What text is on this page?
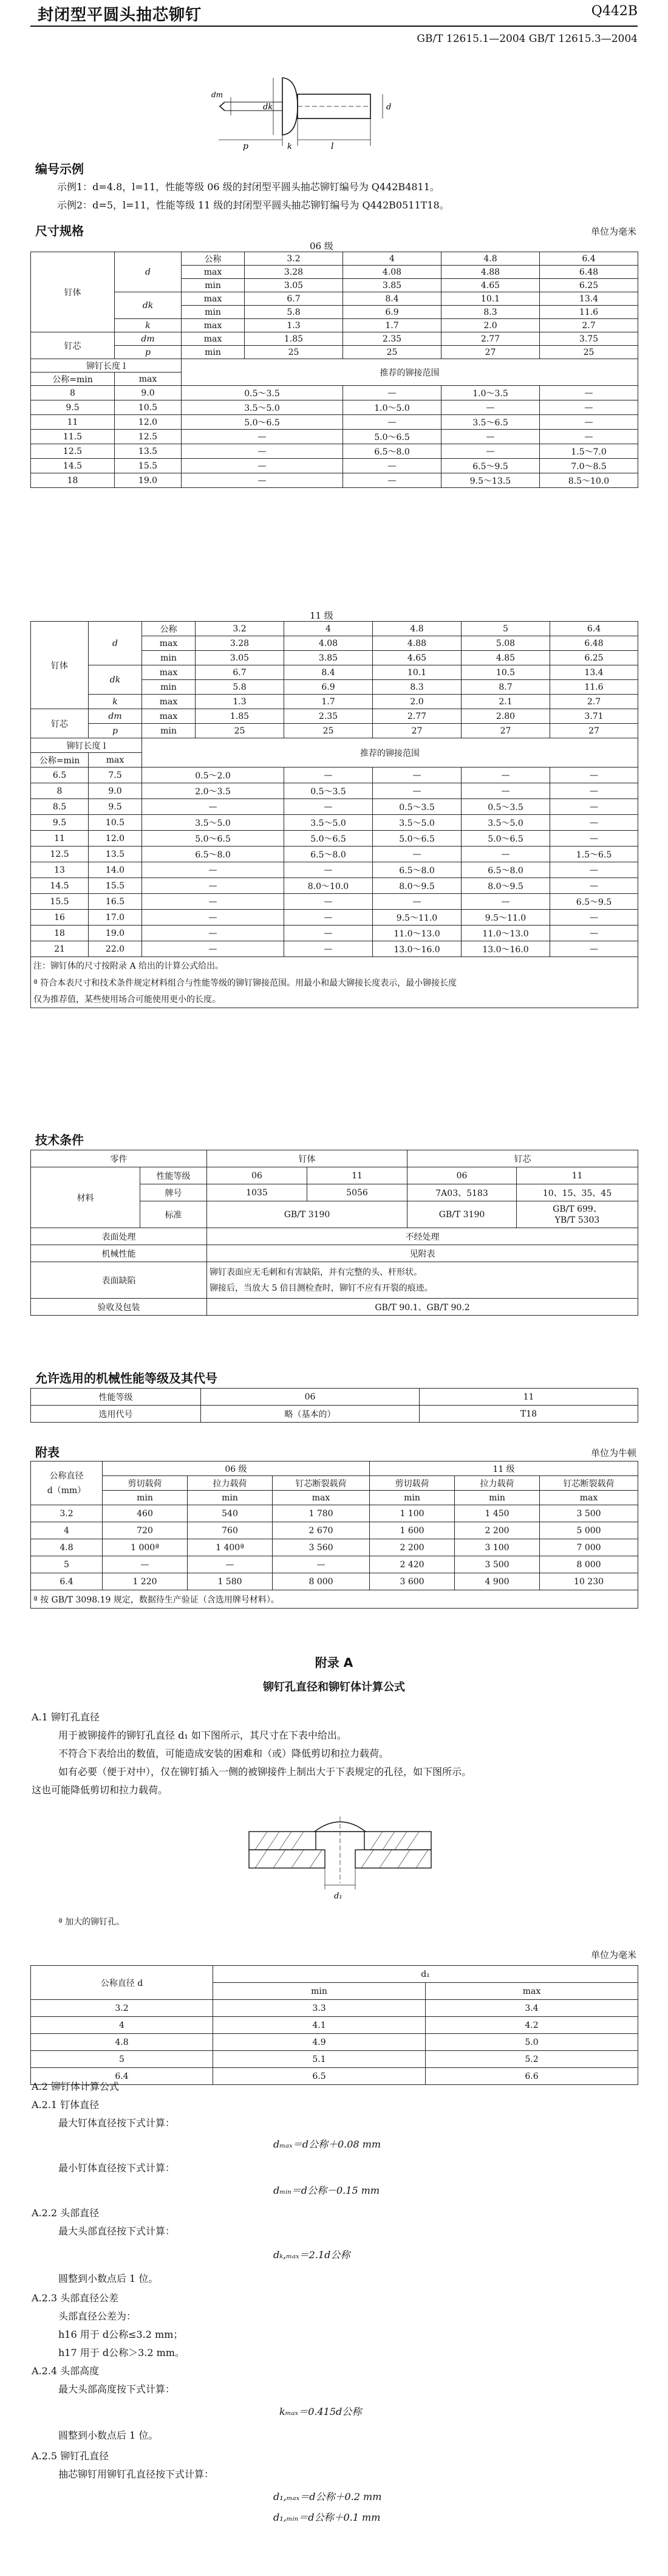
封闭型平圆头抽芯铆钉	Q442B
GB/T 12615.1—2004 GB/T 12615.3—2004
p	l
k
dk	d
dm
编号示例
示例1：d=4.8，l=11，性能等级 06 级的封闭型平圆头抽芯铆钉编号为 Q442B4811。
示例2：d=5，l=11，性能等级 11 级的封闭型平圆头抽芯铆钉编号为 Q442B0511T18。
尺寸规格	单位为毫米
06 级
钉体	d	公称	3.2	4	4.8	6.4
		max	3.28	4.08	4.88	6.48
		min	3.05	3.85	4.65	6.25
	dk	max	6.7	8.4	10.1	13.4
		min	5.8	6.9	8.3	11.6
	k	max	1.3	1.7	2.0	2.7
钉芯	dm	max	1.85	2.35	2.77	3.75
	p	min	25	25	27	25
铆钉长度 l		推荐的铆接范围				
公称=min	max					
8	9.0	0.5～3.5		—	1.0～3.5	—
9.5	10.5	3.5～5.0		1.0～5.0	—	—
11	12.0	5.0～6.5		—	3.5～6.5	—
11.5	12.5	—		5.0～6.5	—	—
12.5	13.5	—		6.5～8.0	—	1.5～7.0
14.5	15.5	—		—	6.5～9.5	7.0～8.5
18	19.0	—		—	9.5～13.5	8.5～10.0
11 级
钉体	d	公称	3.2	4	4.8	5	6.4
		max	3.28	4.08	4.88	5.08	6.48
		min	3.05	3.85	4.65	4.85	6.25
	dk	max	6.7	8.4	10.1	10.5	13.4
		min	5.8	6.9	8.3	8.7	11.6
	k	max	1.3	1.7	2.0	2.1	2.7
钉芯	dm	max	1.85	2.35	2.77	2.80	3.71
	p	min	25	25	27	27	27
铆钉长度 l		推荐的铆接范围					
公称=min	max						
6.5	7.5	0.5～2.0		—	—	—	—
8	9.0	2.0～3.5		0.5～3.5	—	—	—
8.5	9.5	—		—	0.5～3.5	0.5～3.5	—
9.5	10.5	3.5～5.0		3.5～5.0	3.5～5.0	3.5～5.0	—
11	12.0	5.0～6.5		5.0～6.5	5.0～6.5	5.0～6.5	—
12.5	13.5	6.5～8.0		6.5～8.0	—	—	1.5～6.5
13	14.0	—		—	6.5～8.0	6.5～8.0	—
14.5	15.5	—		8.0～10.0	8.0～9.5	8.0～9.5	—
15.5	16.5	—		—	—	—	6.5～9.5
16	17.0	—		—	9.5～11.0	9.5～11.0	—
18	19.0	—		—	11.0～13.0	11.0～13.0	—
21	22.0	—		—	13.0～16.0	13.0～16.0	—
注：铆钉体的尺寸按附录 A 给出的计算公式给出。							
ª 符合本表尺寸和技术条件规定材料组合与性能等级的铆钉铆接范围。用最小和最大铆接长度表示，最小铆接长度							
仅为推荐值，某些使用场合可能使用更小的长度。							
技术条件
零件		钉体		钉芯	
材料	性能等级	06	11	06	11
	牌号	1035	5056	7A03、5183	10、15、35、45
	标准	GB/T 3190		GB/T 3190	GB/T 699、
YB/T 5303

表面处理		不经处理			
机械性能		见附表			
表面缺陷		铆钉表面应无毛刺和有害缺陷，并有完整的头、杆形状。
铆接后，当放大 5 倍目测检查时，铆钉不应有开裂的痕迹。			

验收及包装		GB/T 90.1、GB/T 90.2			
允许选用的机械性能等级及其代号
性能等级	06	11
选用代号	略（基本的）	T18
附表	单位为牛顿
公称直径
d（mm）	06 级			11 级		
	剪切载荷	拉力载荷	钉芯断裂载荷	剪切载荷	拉力载荷	钉芯断裂载荷
	min	min	max	min	min	max
3.2	460	540	1 780	1 100	1 450	3 500
4	720	760	2 670	1 600	2 200	5 000
4.8	1 000ª	1 400ª	3 560	2 200	3 100	7 000
5	—	—	—	2 420	3 500	8 000
6.4	1 220	1 580	8 000	3 600	4 900	10 230
ª 按 GB/T 3098.19 规定，数据待生产验证（含选用牌号材料）。						
附录 A
铆钉孔直径和铆钉体计算公式
A.1 铆钉孔直径
用于被铆接件的铆钉孔直径 d₁ 如下图所示，其尺寸在下表中给出。
不符合下表给出的数值，可能造成安装的困难和（或）降低剪切和拉力载荷。
如有必要（便于对中），仅在铆钉插入一侧的被铆接件上制出大于下表规定的孔径，如下图所示。
这也可能降低剪切和拉力载荷。
d₁
ª 加大的铆钉孔。
单位为毫米
公称直径 d	d₁	
	min	max
3.2	3.3	3.4
4	4.1	4.2
4.8	4.9	5.0
5	5.1	5.2
6.4	6.5	6.6
A.2 铆钉体计算公式
A.2.1 钉体直径
最大钉体直径按下式计算：
dₘₐₓ＝d公称＋0.08 mm
最小钉体直径按下式计算：
dₘᵢₙ＝d公称－0.15 mm
A.2.2 头部直径
最大头部直径按下式计算：
dₖ,ₘₐₓ＝2.1d公称
圆整到小数点后 1 位。
A.2.3 头部直径公差
头部直径公差为：
h16 用于 d公称≤3.2 mm；
h17 用于 d公称＞3.2 mm。
A.2.4 头部高度
最大头部高度按下式计算：
kₘₐₓ＝0.415d公称
圆整到小数点后 1 位。
A.2.5 铆钉孔直径
抽芯铆钉用铆钉孔直径按下式计算：
d₁,ₘₐₓ＝d公称＋0.2 mm
d₁,ₘᵢₙ＝d公称＋0.1 mm
